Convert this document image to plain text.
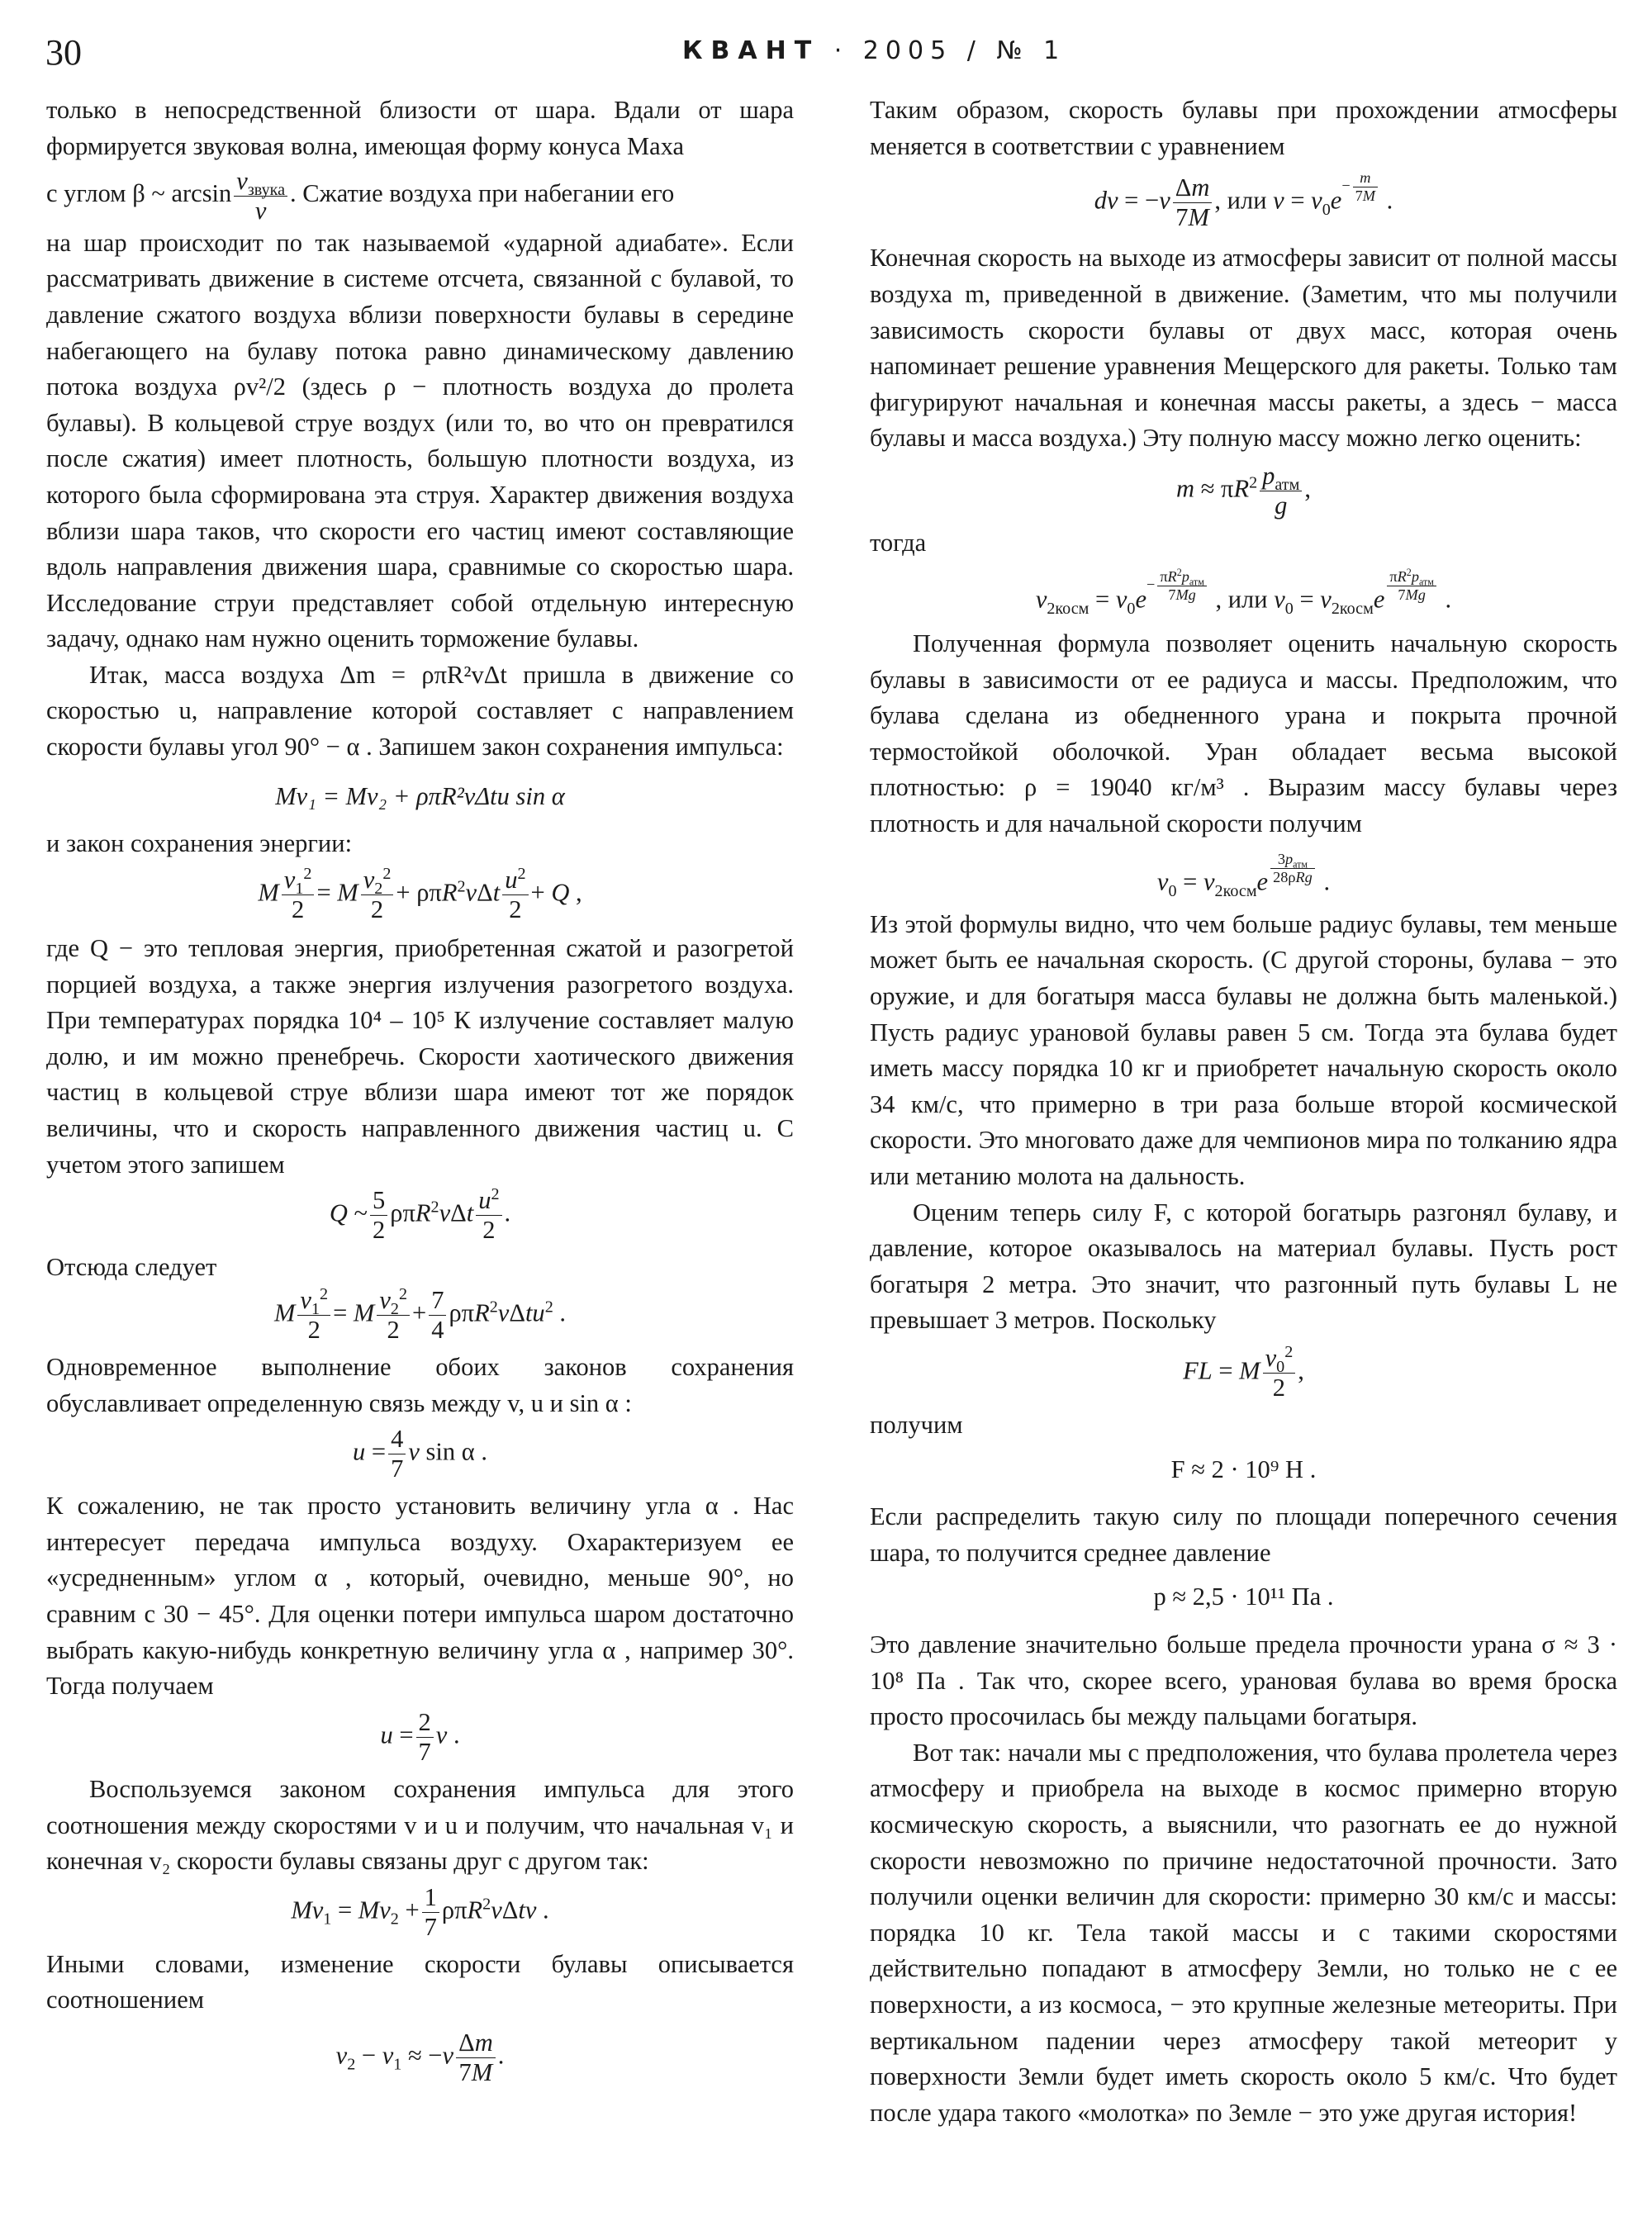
30	КВАНТ · 2005 / № 1

только в непосредственной близости от шара. Вдали от шара формируется звуковая волна, имеющая форму конуса Маха

с углом β ~ $\arcsin v_{звука}$
v
. Сжатие воздуха при набегании его

на шар происходит по так называемой «ударной адиабате». Если рассматривать движение в системе отсчета, связанной с булавой, то давление сжатого воздуха вблизи поверхности булавы в середине набегающего на булаву потока равно динамическому давлению потока воздуха ρv²/2 (здесь ρ − плотность воздуха до пролета булавы). В кольцевой струе воздух (или то, во что он превратился после сжатия) имеет плотность, большую плотности воздуха, из которого была сформирована эта струя. Характер движения воздуха вблизи шара таков, что скорости его частиц имеют составляющие вдоль направления движения шара, сравнимые со скоростью шара. Исследование струи представляет собой отдельную интересную задачу, однако нам нужно оценить торможение булавы.

Итак, масса воздуха Δm = ρπR²vΔt пришла в движение со скоростью u, направление которой составляет с направлением скорости булавы угол 90° − α . Запишем закон сохранения импульса:

Mv₁ = Mv₂ + ρπR²vΔtu sin α

и закон сохранения энергии:

M $\frac{v_1^2}{2} = M \frac{v_2^2}{2} + \rho\pi R^2v\Delta t \frac{u^2}{2} + Q$ ,

где Q − это тепловая энергия, приобретенная сжатой и разогретой порцией воздуха, а также энергия излучения разогретого воздуха. При температурах порядка 10⁴ – 10⁵ К излучение составляет малую долю, и им можно пренебречь. Скорости хаотического движения частиц в кольцевой струе вблизи шара имеют тот же порядок величины, что и скорость направленного движения частиц u. С учетом этого запишем

Q ~ $\frac{5}{2} \rho\pi R^2v\Delta t \frac{u^2}{2}$ .

Отсюда следует

M $\frac{v_1^2}{2} = M \frac{v_2^2}{2} + \frac{7}{4} \rho\pi R^2v\Delta tu^2$ .

Одновременное выполнение обоих законов сохранения обуславливает определенную связь между v, u и sin α :

$u = \frac{4}{7}$ v sin α .

К сожалению, не так просто установить величину угла α . Нас интересует передача импульса воздуху. Охарактеризуем ее «усредненным» углом α , который, очевидно, меньше 90°, но сравним с 30 − 45°. Для оценки потери импульса шаром достаточно выбрать какую-нибудь конкретную величину угла α , например 30°. Тогда получаем

$u = \frac{2}{7}$ v .

Воспользуемся законом сохранения импульса для этого соотношения между скоростями v и u и получим, что начальная v₁ и конечная v₂ скорости булавы связаны друг с другом так:

$Mv_1 = Mv_2 + \frac{1}{7} \rho\pi R^2v\Delta tv$ .

Иными словами, изменение скорости булавы описывается соотношением

$v_2 - v_1 \approx -v \frac{\Delta m}{7M}$ .

Таким образом, скорость булавы при прохождении атмосферы меняется в соответствии с уравнением

dv = $-v \frac{\Delta m}{7M}$ , или $v = v_0e- \frac{m}{7M}$ .

Конечная скорость на выходе из атмосферы зависит от полной массы воздуха m, приведенной в движение. (Заметим, что мы получили зависимость скорости булавы от двух масс, которая очень напоминает решение уравнения Мещерского для ракеты. Только там фигурируют начальная и конечная массы ракеты, а здесь − масса булавы и масса воздуха.) Эту полную массу можно легко оценить:

$m \approx \pi R^2$ $p_{атм}$
g
,

тогда

$v_{2косм} = v_0e- \pi R^2p_{атм}$
7Mg , или $v_0 = v_{2косм}e$
$\pi R^2p_{атм}$
7Mg .

Полученная формула позволяет оценить начальную скорость булавы в зависимости от ее радиуса и массы. Предположим, что булава сделана из обедненного урана и покрыта прочной термостойкой оболочкой. Уран обладает весьма высокой плотностью: ρ = 19040 кг/м³ . Выразим массу булавы через плотность и для начальной скорости получим

$v_0 = v_{2косм}e$
$3p_{атм}$
28ρRg .

Из этой формулы видно, что чем больше радиус булавы, тем меньше может быть ее начальная скорость. (С другой стороны, булава − это оружие, и для богатыря масса булавы не должна быть маленькой.) Пусть радиус урановой булавы равен 5 см. Тогда эта булава будет иметь массу порядка 10 кг и приобретет начальную скорость около 34 км/с, что примерно в три раза больше второй космической скорости. Это многовато даже для чемпионов мира по толканию ядра или метанию молота на дальность.

Оценим теперь силу F, с которой богатырь разгонял булаву, и давление, которое оказывалось на материал булавы. Пусть рост богатыря 2 метра. Это значит, что разгонный путь булавы L не превышает 3 метров. Поскольку

FL = M $\frac{v_0^2}{2}$ ,

получим

F ≈ 2 · 10⁹ Н .

Если распределить такую силу по площади поперечного сечения шара, то получится среднее давление

p ≈ 2,5 · 10¹¹ Па .

Это давление значительно больше предела прочности урана σ ≈ 3 · 10⁸ Па . Так что, скорее всего, урановая булава во время броска просто просочилась бы между пальцами богатыря.

Вот так: начали мы с предположения, что булава пролетела через атмосферу и приобрела на выходе в космос примерно вторую космическую скорость, а выяснили, что разогнать ее до нужной скорости невозможно по причине недостаточной прочности. Зато получили оценки величин для скорости: примерно 30 км/с и массы: порядка 10 кг. Тела такой массы и с такими скоростями действительно попадают в атмосферу Земли, но только не с ее поверхности, а из космоса, − это крупные железные метеориты. При вертикальном падении через атмосферу такой метеорит у поверхности Земли будет иметь скорость около 5 км/с. Что будет после удара такого «молотка» по Земле − это уже другая история!
